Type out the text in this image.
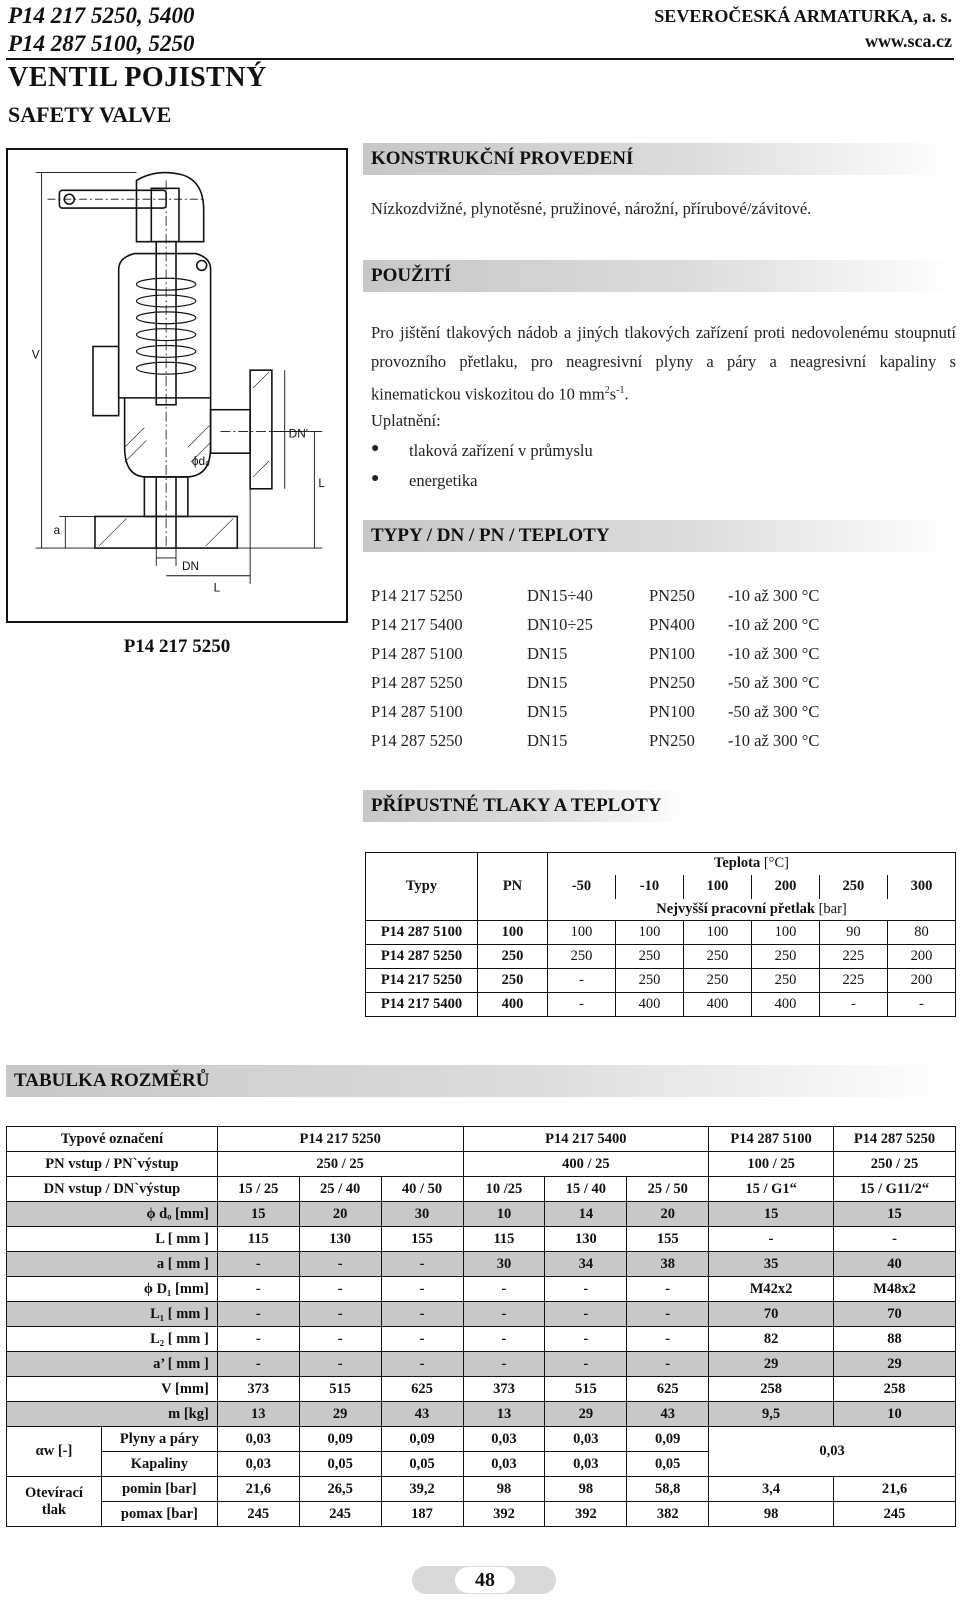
P14 217 5250, 5400
P14 287 5100, 5250
SEVEROČESKÁ ARMATURKA, a. s.
www.sca.cz
VENTIL POJISTNÝ
SAFETY VALVE
V
DN'
L
a
ϕd₀
DN
L
P14 217 5250
KONSTRUKČNÍ PROVEDENÍ
Nízkozdvižné, plynotěsné, pružinové, nárožní, přírubové/závitové.
POUŽITÍ
Pro jištění tlakových nádob a jiných tlakových zařízení proti nedovolenému stoupnutí provozního přetlaku, pro neagresivní plyny a páry a neagresivní kapaliny s kinematickou viskozitou do 10 $mm^2s^{-1}$.
Uplatnění:
● tlaková zařízení v průmyslu
● energetika
TYPY / DN / PN / TEPLOTY
P14 217 5250	DN15÷40	PN250 -10 až 300 °C
P14 217 5400	DN10÷25	PN400 -10 až 200 °C
P14 287 5100	DN15	PN100 -10 až 300 °C
P14 287 5250	DN15	PN250 -50 až 300 °C
P14 287 5100	DN15	PN100 -50 až 300 °C
P14 287 5250	DN15	PN250 -10 až 300 °C
PŘÍPUSTNÉ TLAKY A TEPLOTY
Typy	PN	Teplota [°C]					
		-50	-10	100	200	250	300
		Nejvyšší pracovní přetlak [bar]					
P14 287 5100	100	100	100	100	100	90	80
P14 287 5250	250	250	250	250	250	225	200
P14 217 5250	250	-	250	250	250	225	200
P14 217 5400	400	-	400	400	400	-	-
TABULKA ROZMĚRŮ
Typové označení		P14 217 5250			P14 217 5400			P14 287 5100	P14 287 5250
PN vstup / PN`výstup		250 / 25			400 / 25			100 / 25	250 / 25
DN vstup / DN`výstup		15 / 25	25 / 40	40 / 50	10 /25	15 / 40	25 / 50	15 / G1“	15 / G11/2“
	ϕ dₒ [mm]	15	20	30	10	14	20	15	15
	L [ mm ]	115	130	155	115	130	155	-	-
	a [ mm ]	-	-	-	30	34	38	35	40
	ϕ D₁ [mm]	-	-	-	-	-	-	M42x2	M48x2
	L₁ [ mm ]	-	-	-	-	-	-	70	70
	L₂ [ mm ]	-	-	-	-	-	-	82	88
	a’ [ mm ]	-	-	-	-	-	-	29	29
	V [mm]	373	515	625	373	515	625	258	258
	m [kg]	13	29	43	13	29	43	9,5	10
αw [-]	Plyny a páry	0,03	0,09	0,09	0,03	0,03	0,09	0,03	
	Kapaliny	0,03	0,05	0,05	0,03	0,03	0,05		
Otevírací
tlak	pomin [bar]	21,6	26,5	39,2	98	98	58,8	3,4	21,6
	pomax [bar]	245	245	187	392	392	382	98	245
48
